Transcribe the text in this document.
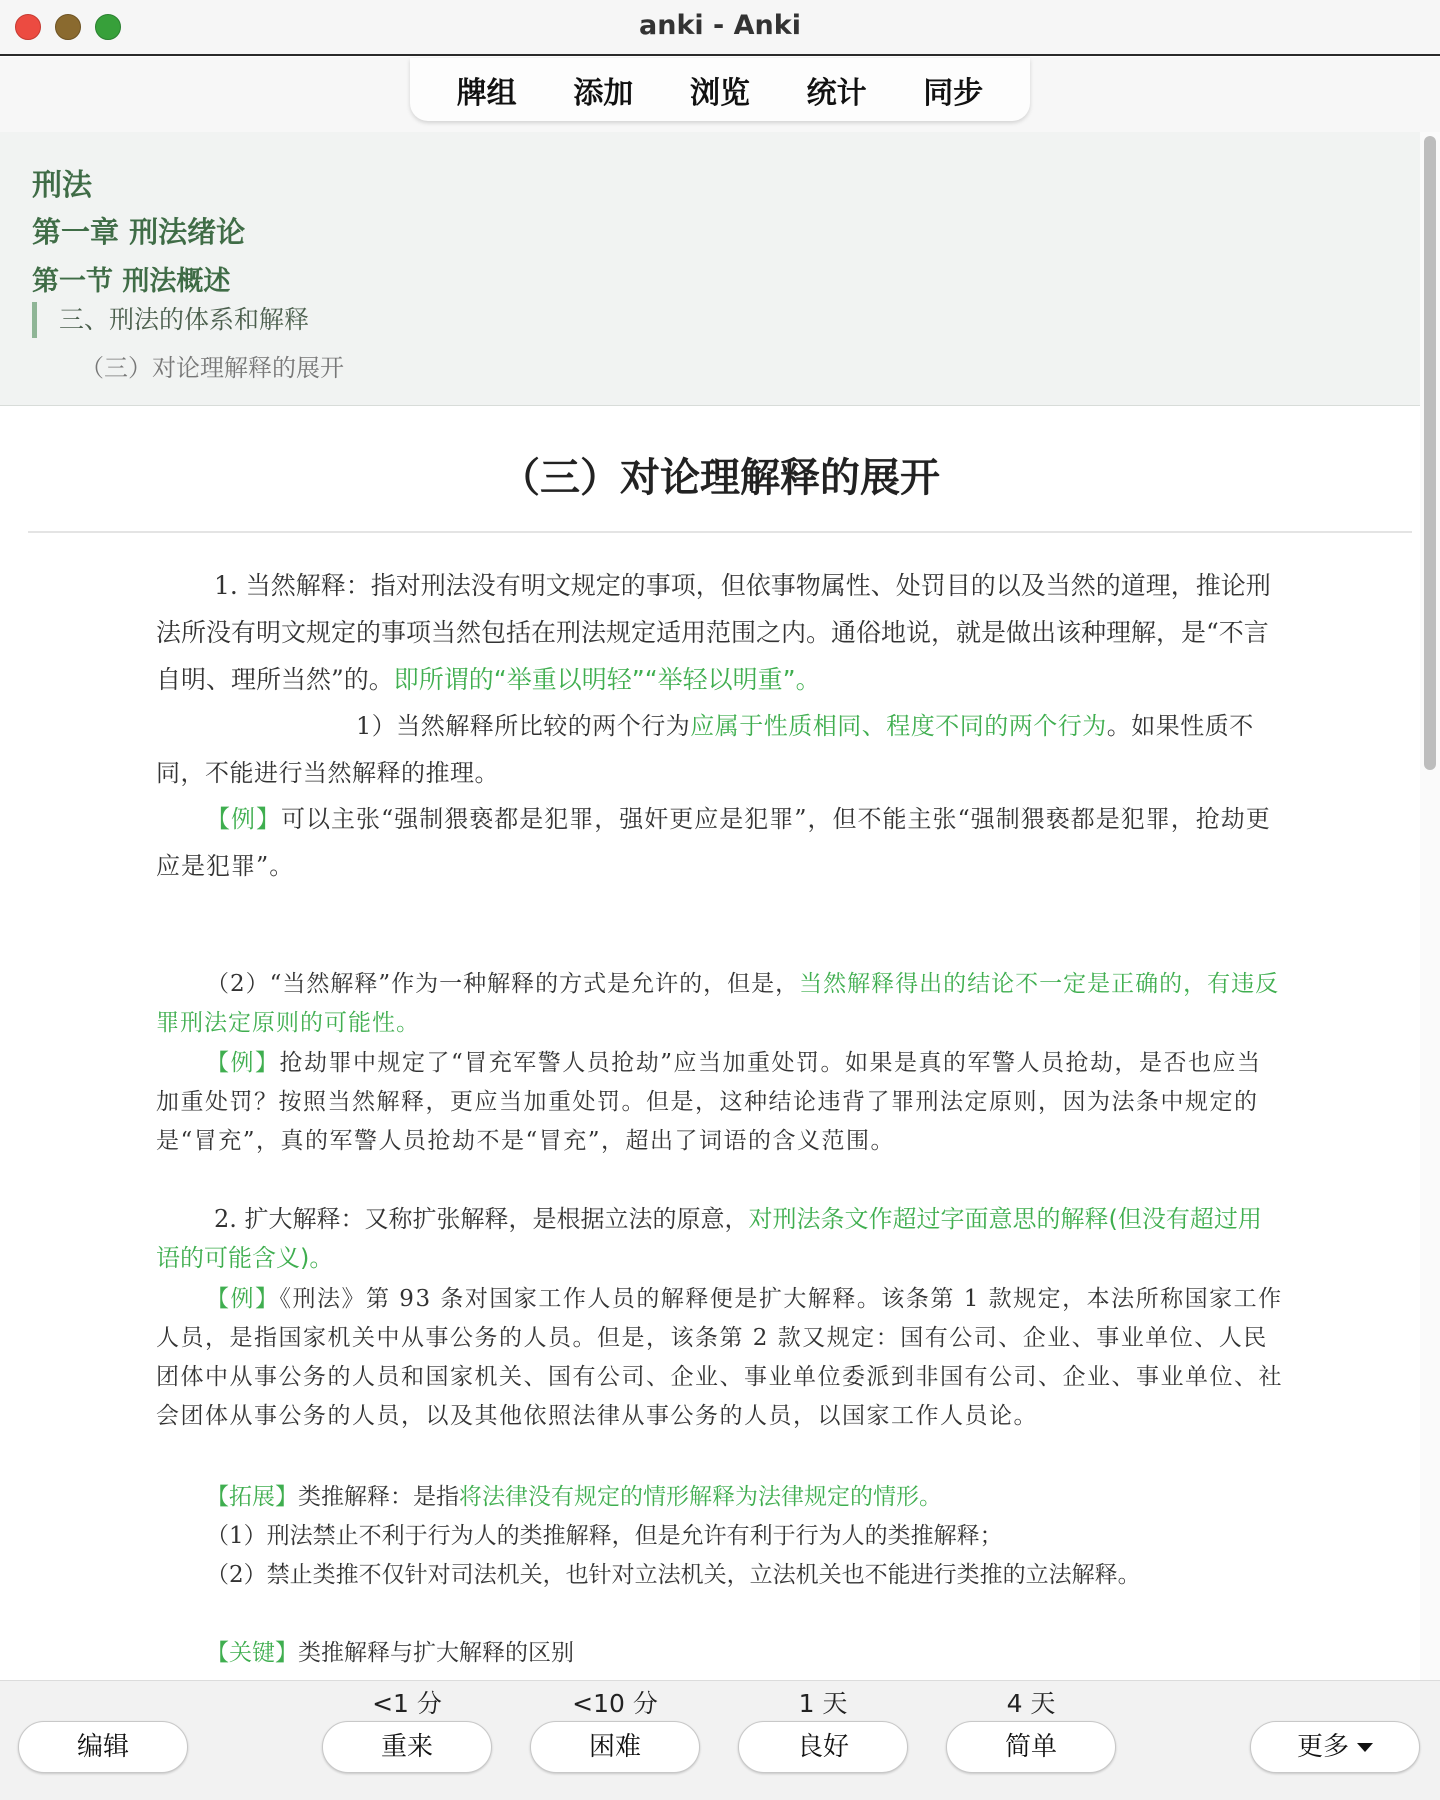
anki - Anki
牌组	添加	浏览	统计	同步
刑法
第一章 刑法绪论
第一节 刑法概述
三、刑法的体系和解释
（三）对论理解释的展开
（三）对论理解释的展开
1. 当然解释：指对刑法没有明文规定的事项，但依事物属性、处罚目的以及当然的道理，推论刑法所没有明文规定的事项当然包括在刑法规定适用范围之内。通俗地说，就是做出该种理解，是“不言自明、理所当然”的。即所谓的“举重以明轻”“举轻以明重”。
1）当然解释所比较的两个行为应属于性质相同、程度不同的两个行为。如果性质不同，不能进行当然解释的推理。
【例】可以主张“强制猥亵都是犯罪，强奸更应是犯罪”，但不能主张“强制猥亵都是犯罪，抢劫更应是犯罪”。
（2）“当然解释”作为一种解释的方式是允许的，但是，当然解释得出的结论不一定是正确的，有违反罪刑法定原则的可能性。
【例】抢劫罪中规定了“冒充军警人员抢劫”应当加重处罚。如果是真的军警人员抢劫，是否也应当加重处罚？按照当然解释，更应当加重处罚。但是，这种结论违背了罪刑法定原则，因为法条中规定的是“冒充”，真的军警人员抢劫不是“冒充”，超出了词语的含义范围。
2. 扩大解释：又称扩张解释，是根据立法的原意，对刑法条文作超过字面意思的解释(但没有超过用语的可能含义)。
【例】《刑法》第 93 条对国家工作人员的解释便是扩大解释。该条第 1 款规定，本法所称国家工作人员，是指国家机关中从事公务的人员。但是，该条第 2 款又规定：国有公司、企业、事业单位、人民团体中从事公务的人员和国家机关、国有公司、企业、事业单位委派到非国有公司、企业、事业单位、社会团体从事公务的人员，以及其他依照法律从事公务的人员，以国家工作人员论。
【拓展】类推解释：是指将法律没有规定的情形解释为法律规定的情形。
（1）刑法禁止不利于行为人的类推解释，但是允许有利于行为人的类推解释；
（2）禁止类推不仅针对司法机关，也针对立法机关，立法机关也不能进行类推的立法解释。
【关键】类推解释与扩大解释的区别
<1 分	<10 分	1 天	4 天
编辑	重来	困难	良好	简单	更多
